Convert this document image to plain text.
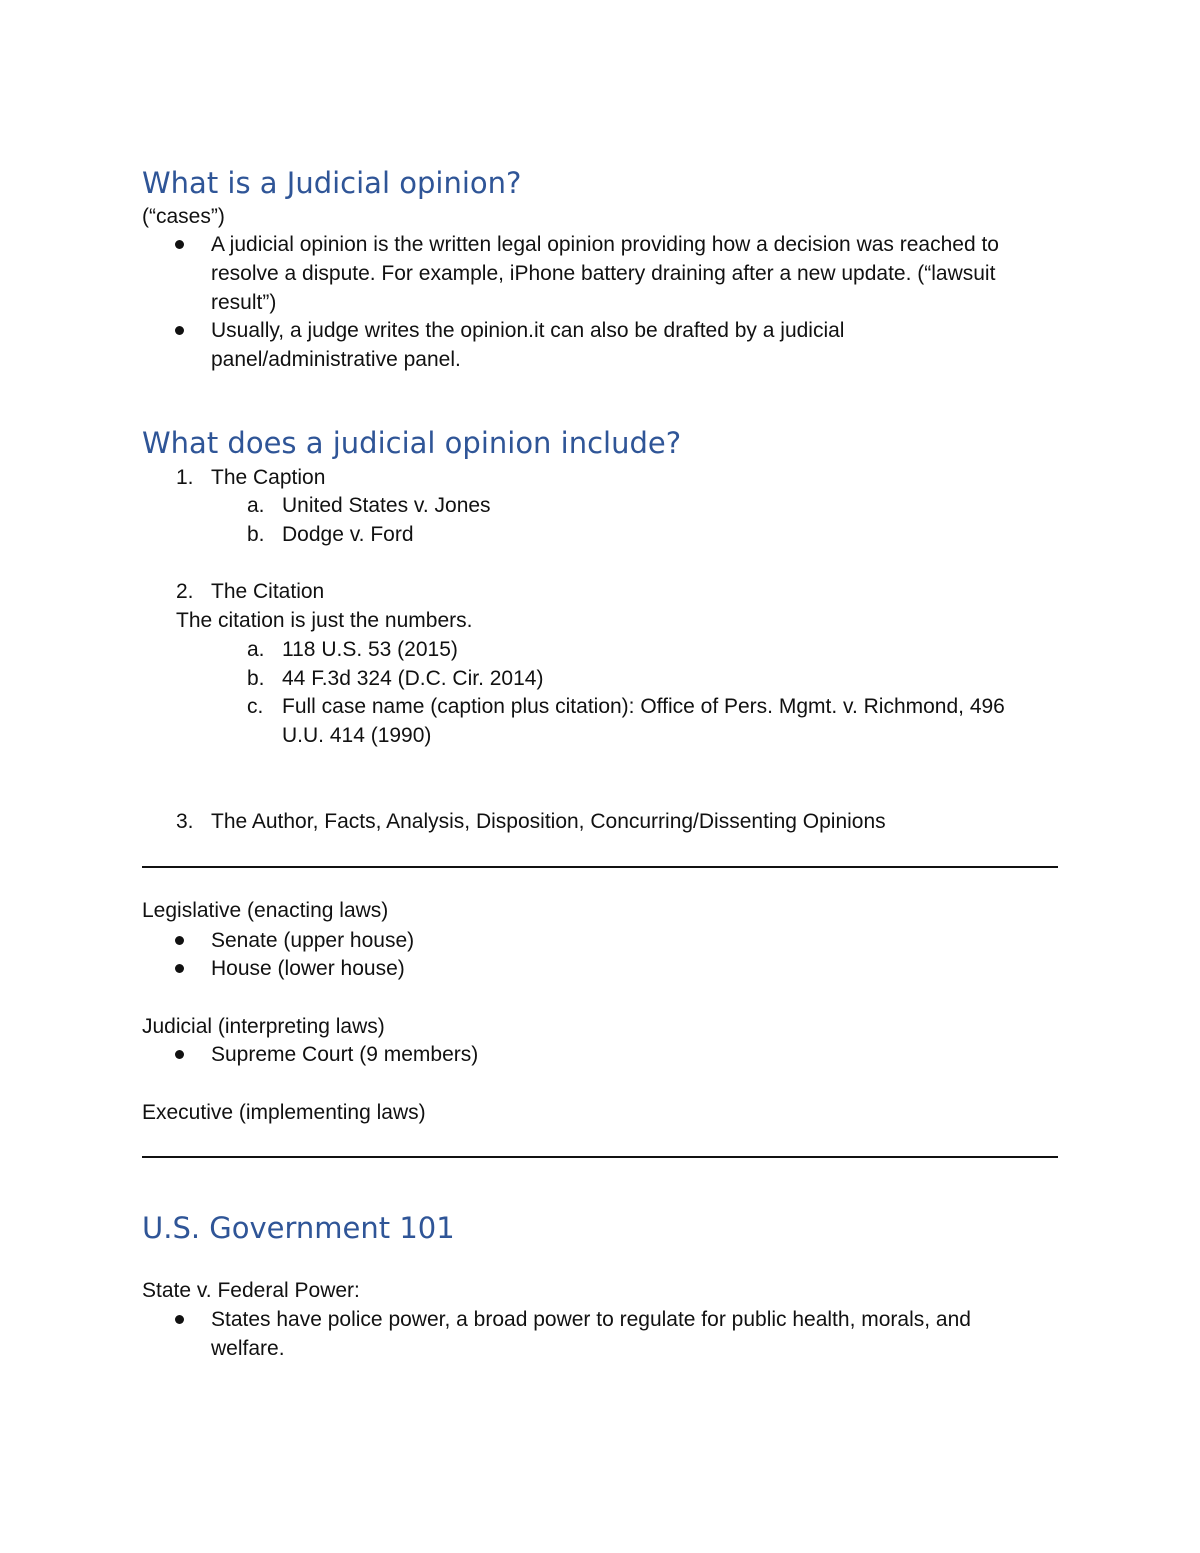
What is a Judicial opinion?
(“cases”)
A judicial opinion is the written legal opinion providing how a decision was reached to
resolve a dispute. For example, iPhone battery draining after a new update. (“lawsuit
result”)
Usually, a judge writes the opinion.it can also be drafted by a judicial
panel/administrative panel.
What does a judicial opinion include?
1. The Caption
a. United States v. Jones
b. Dodge v. Ford
2. The Citation
The citation is just the numbers.
a. 118 U.S. 53 (2015)
b. 44 F.3d 324 (D.C. Cir. 2014)
c. Full case name (caption plus citation): Office of Pers. Mgmt. v. Richmond, 496
U.U. 414 (1990)
3. The Author, Facts, Analysis, Disposition, Concurring/Dissenting Opinions
Legislative (enacting laws)
Senate (upper house)
House (lower house)
Judicial (interpreting laws)
Supreme Court (9 members)
Executive (implementing laws)
U.S. Government 101
State v. Federal Power:
States have police power, a broad power to regulate for public health, morals, and
welfare.
